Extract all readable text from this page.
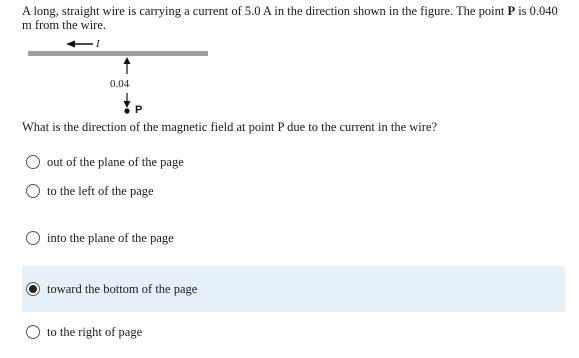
A long, straight wire is carrying a current of 5.0 A in the direction shown in the figure. The point P is 0.040 m from the wire.
I
0.04
P
What is the direction of the magnetic field at point P due to the current in the wire?
out of the plane of the page
to the left of the page
into the plane of the page
toward the bottom of the page
to the right of page
